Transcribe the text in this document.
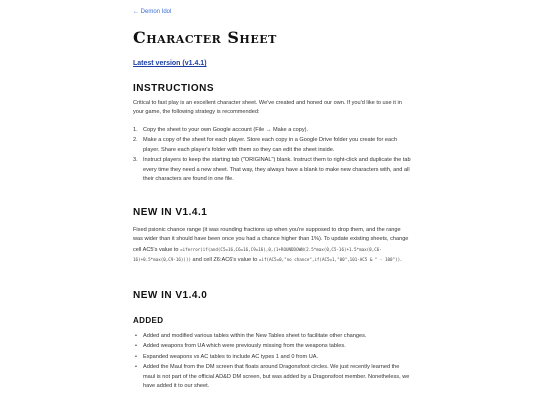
← Demon Idol
Character Sheet
Latest version (v1.4.1)
INSTRUCTIONS

Critical to fast play is an excellent character sheet. We've created and honed our own. If you'd like to use it in your game, the following strategy is recommended:

1. Copy the sheet to your own Google account (File → Make a copy).
2. Make a copy of the sheet for each player. Store each copy in a Google Drive folder you create for each player. Share each player's folder with them so they can edit the sheet inside.
3. Instruct players to keep the starting tab ("ORIGINAL") blank. Instruct them to right-click and duplicate the tab every time they need a new sheet. That way, they always have a blank to make new characters with, and all their characters are found in one file.
NEW IN V1.4.1

Fixed psionic chance range (it was rounding fractions up when you're supposed to drop them, and the range was wider than it should have been once you had a chance higher than 1%). To update existing sheets, change cell AC5's value to =iferror(if(and(C5=16,C6=16,C9=16),0,(1+ROUNDDOWN(2.5*max(0,C5-16)+1.5*max(0,C6-16)+0.5*max(0,C9-16)))) and cell Z6:AC6's value to =if(AC5=0,"no chance",if(AC5=1,"00",101-AC5 & " - 100")).

NEW IN V1.4.0
ADDED
• Added and modified various tables within the New Tables sheet to facilitate other changes.
• Added weapons from UA which were previously missing from the weapons tables.
• Expanded weapons vs AC tables to include AC types 1 and 0 from UA.
• Added the Maul from the DM screen that floats around Dragonsfoot circles. We just recently learned the maul is not part of the official AD&D DM screen, but was added by a Dragonsfoot member. Nonetheless, we have added it to our sheet.
